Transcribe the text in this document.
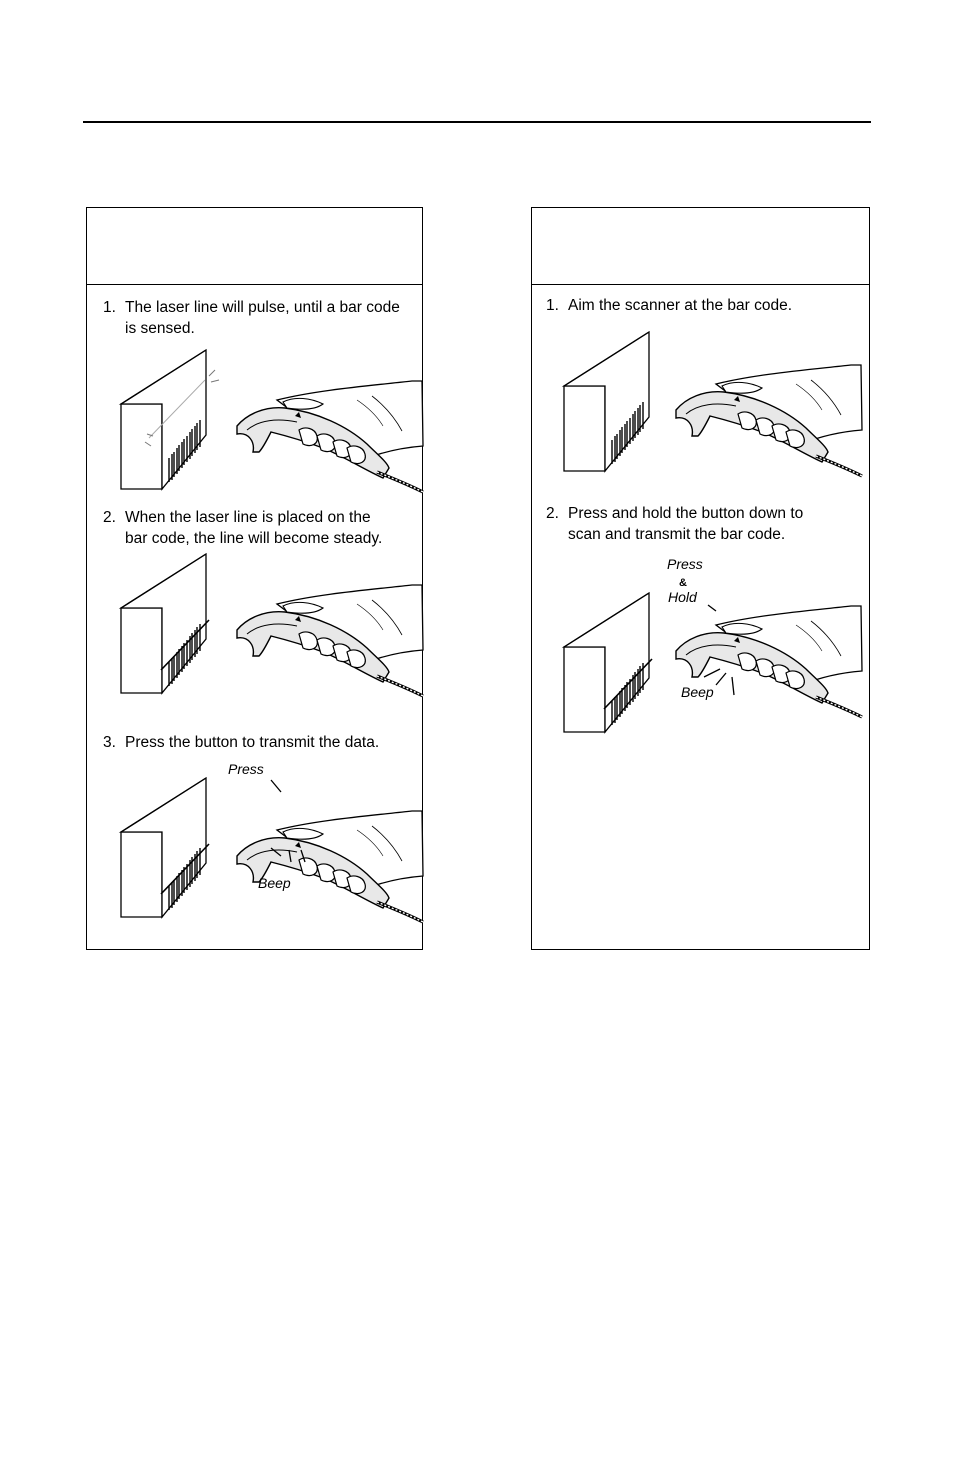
1. The laser line will pulse, until a bar code
is sensed.
2. When the laser line is placed on the
bar code, the line will become steady.
3. Press the button to transmit the data.
Press
Beep
1. Aim the scanner at the bar code.
2. Press and hold the button down to
scan and transmit the bar code.
Press
&
Hold
Beep
